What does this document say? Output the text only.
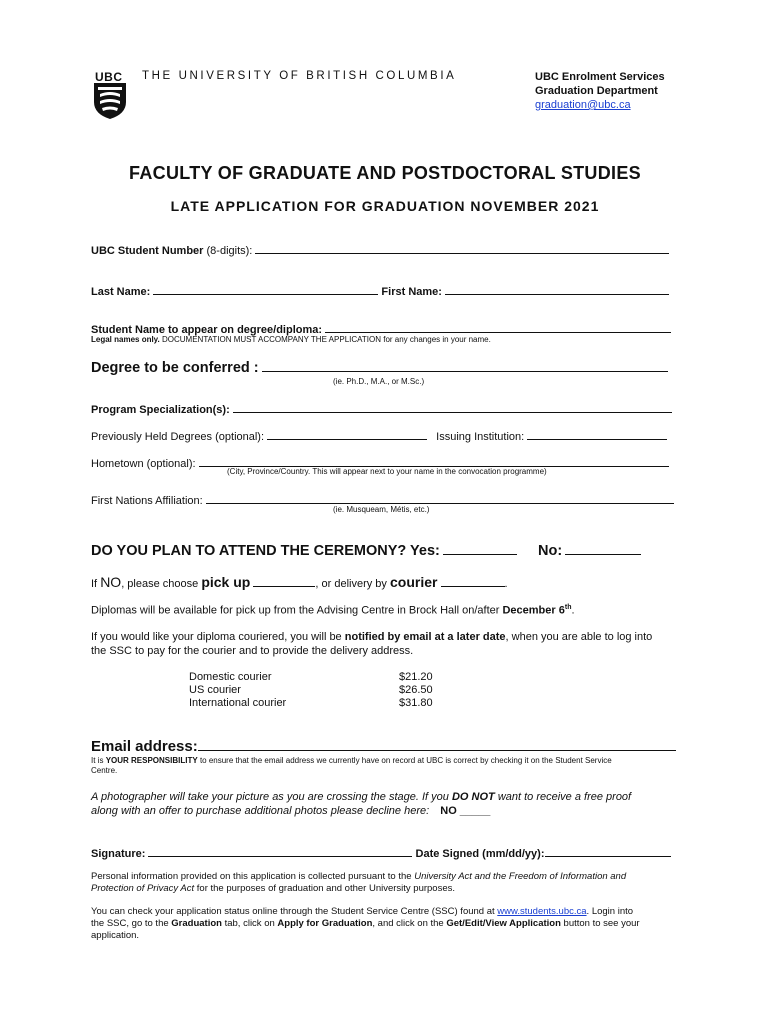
UBC THE UNIVERSITY OF BRITISH COLUMBIA	UBC Enrolment Services
Graduation Department
graduation@ubc.ca
FACULTY OF GRADUATE AND POSTDOCTORAL STUDIES
LATE APPLICATION FOR GRADUATION NOVEMBER 2021
UBC Student Number (8-digits):
Last Name:	First Name:
Student Name to appear on degree/diploma:
Legal names only. DOCUMENTATION MUST ACCOMPANY THE APPLICATION for any changes in your name.
Degree to be conferred :
(ie. Ph.D., M.A., or M.Sc.)
Program Specialization(s):
Previously Held Degrees (optional):	Issuing Institution:
Hometown (optional):
(City, Province/Country. This will appear next to your name in the convocation programme)
First Nations Affiliation:
(ie. Musqueam, Métis, etc.)
DO YOU PLAN TO ATTEND THE CEREMONY? Yes:	No:
If NO, please choose pick up	, or delivery by courier	.
Diplomas will be available for pick up from the Advising Centre in Brock Hall on/after December 6th.
If you would like your diploma couriered, you will be notified by email at a later date, when you are able to log into
the SSC to pay for the courier and to provide the delivery address.
Domestic courier	$21.20
US courier	$26.50
International courier	$31.80
Email address:
It is YOUR RESPONSIBILITY to ensure that the email address we currently have on record at UBC is correct by checking it on the Student Service
Centre.
A photographer will take your picture as you are crossing the stage. If you DO NOT want to receive a free proof
along with an offer to purchase additional photos please decline here: NO _____
Signature:	Date Signed (mm/dd/yy):
Personal information provided on this application is collected pursuant to the University Act and the Freedom of Information and
Protection of Privacy Act for the purposes of graduation and other University purposes.
You can check your application status online through the Student Service Centre (SSC) found at www.students.ubc.ca. Login into
the SSC, go to the Graduation tab, click on Apply for Graduation, and click on the Get/Edit/View Application button to see your
application.
